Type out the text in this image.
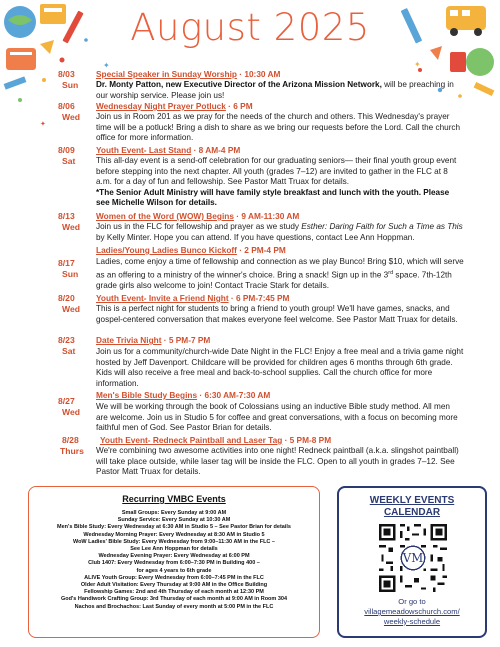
✦	✦
✦
August 2025
8/03
Sun
Special Speaker in Sunday Worship · 10:30 AM
Dr. Monty Patton, new Executive Director of the Arizona Mission Network, will be preaching in our worship service. Please join us!
8/06
Wed
Wednesday Night Prayer Potluck · 6 PM
Join us in Room 201 as we pray for the needs of the church and others. This Wednesday's prayer time will be a potluck! Bring a dish to share as we bring our requests before the Lord. Call the church office for more information.
8/09
Sat
Youth Event- Last Stand · 8 AM-4 PM
This all-day event is a send-off celebration for our graduating seniors— their final youth group event before stepping into the next chapter. All youth (grades 7–12) are invited to gather in the FLC at 8 a.m. for a day of fun and fellowship. See Pastor Matt Truax for details.
*The Senior Adult Ministry will have family style breakfast and lunch with the youth. Please see Michelle Wilson for details.
8/13
Wed
Women of the Word (WOW) Begins · 9 AM-11:30 AM
Join us in the FLC for fellowship and prayer as we study Esther: Daring Faith for Such a Time as This by Kelly Minter. Hope you can attend. If you have questions, contact Lee Ann Hoppman.
Ladies/Young Ladies Bunco Kickoff · 2 PM-4 PM
8/17
Sun
Ladies, come enjoy a time of fellowship and connection as we play Bunco! Bring $10, which will serve as an offering to a ministry of the winner's choice. Bring a snack! Sign up in the 3rd space. 7th-12th grade girls also welcome to join! Contact Tracie Stark for details.
8/20
Wed
Youth Event- Invite a Friend Night · 6 PM-7:45 PM
This is a perfect night for students to bring a friend to youth group! We'll have games, snacks, and gospel-centered conversation that makes everyone feel welcome. See Pastor Matt Truax for details.
8/23
Sat
Date Trivia Night · 5 PM-7 PM
Join us for a community/church-wide Date Night in the FLC! Enjoy a free meal and a trivia game night hosted by Jeff Davenport. Childcare will be provided for children ages 6 months through 6th grade. Kids will also receive a free meal and back-to-school supplies. Call the church office for more information.
Men's Bible Study Begins · 6:30 AM-7:30 AM
8/27
Wed
We will be working through the book of Colossians using an inductive Bible study method. All men are welcome. Join us in Studio 5 for coffee and great conversations, with a focus on becoming more faithful men of God. See Pastor Brian for details.
8/28
Thurs
Youth Event- Redneck Paintball and Laser Tag · 5 PM-8 PM
We're combining two awesome activities into one night! Redneck paintball (a.k.a. slingshot paintball) will take place outside, while laser tag will be inside the FLC. Open to all youth in grades 7–12. See Pastor Matt Truax for details.
Recurring VMBC Events
Small Groups: Every Sunday at 9:00 AM
Sunday Service: Every Sunday at 10:30 AM
Men's Bible Study: Every Wednesday at 6:30 AM in Studio 5 – See Pastor Brian for details
Wednesday Morning Prayer: Every Wednesday at 8:30 AM in Studio 5
WoW Ladies' Bible Study: Every Wednesday from 9:00–11:30 AM in the FLC –
See Lee Ann Hoppman for details
Wednesday Evening Prayer: Every Wednesday at 6:00 PM
Club 1407: Every Wednesday from 6:00–7:30 PM in Building 400 –
for ages 4 years to 6th grade
ALIVE Youth Group: Every Wednesday from 6:00–7:45 PM in the FLC
Older Adult Visitation: Every Thursday at 9:00 AM in the Office Building
Fellowship Games: 2nd and 4th Thursday of each month at 12:30 PM
God's Handiwork Crafting Group: 3rd Thursday of each month at 9:00 AM in Room 304
Nachos and Brochachos: Last Sunday of every month at 5:00 PM in the FLC
WEEKLY EVENTS
CALENDAR
VM
Or go to
villagemeadowschurch.com/
weekly-schedule
